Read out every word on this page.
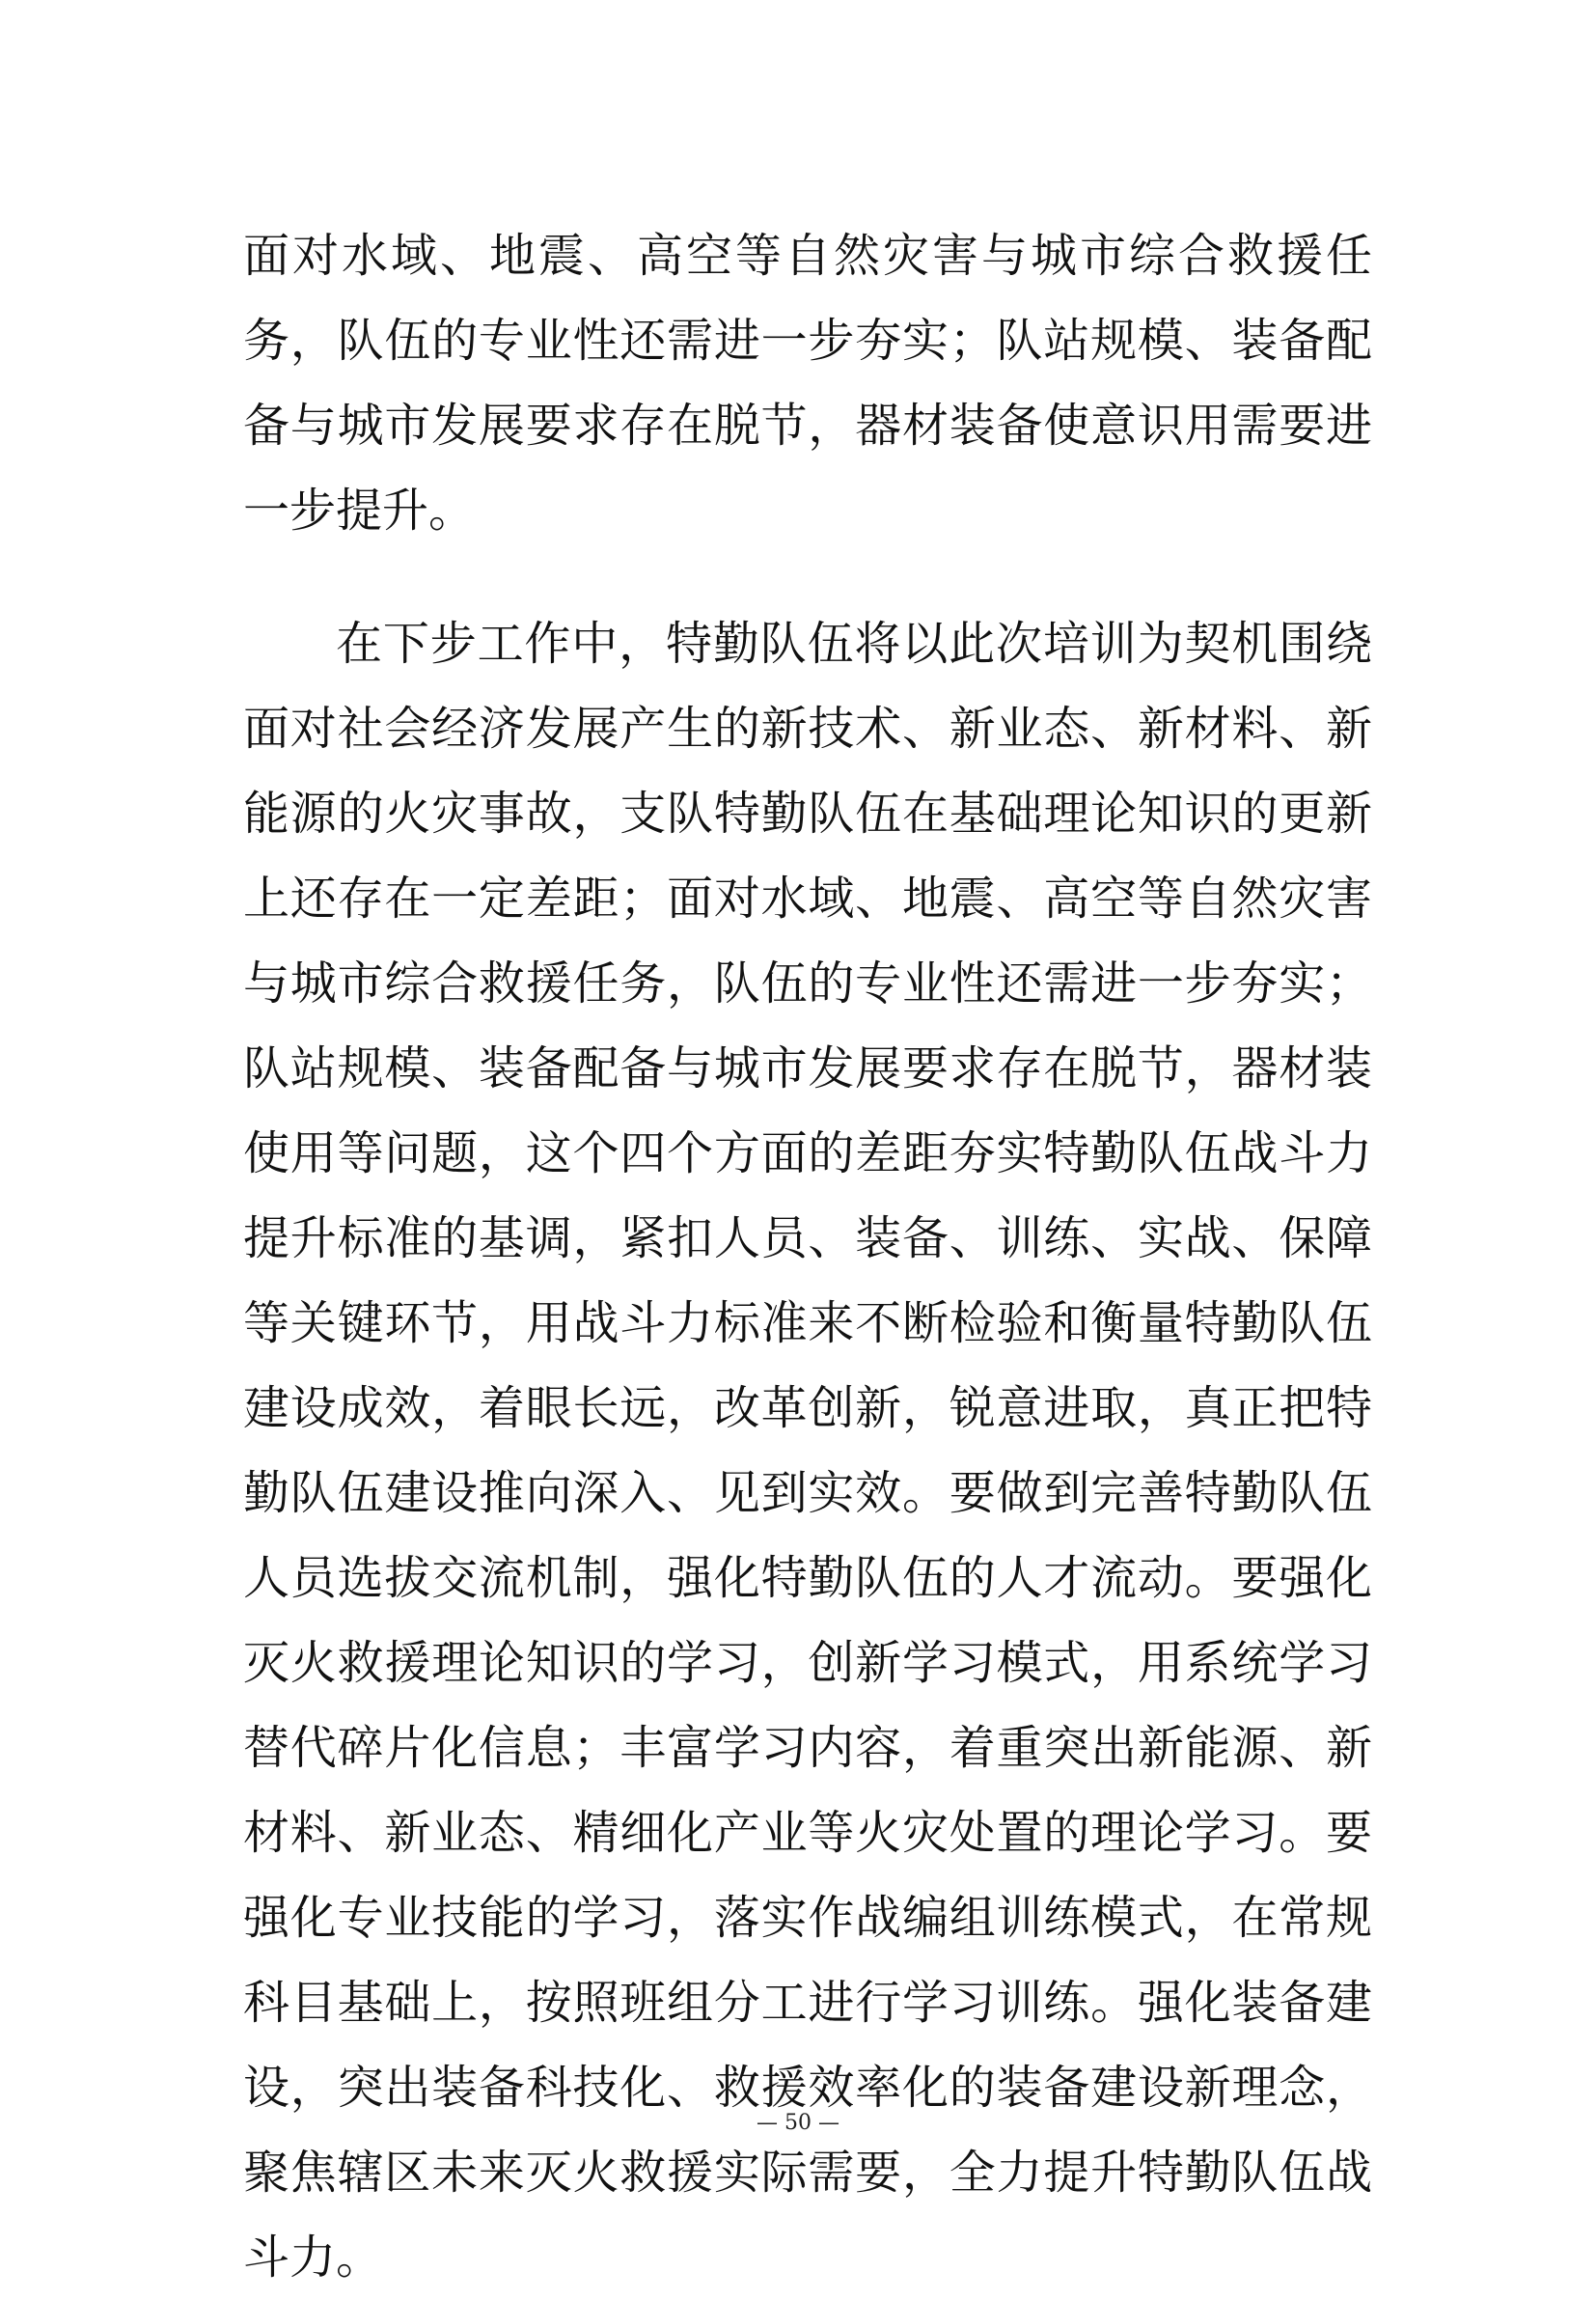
面对水域、地震、高空等自然灾害与城市综合救援任务，队伍的专业性还需进一步夯实；队站规模、装备配备与城市发展要求存在脱节，器材装备使意识用需要进一步提升。

在下步工作中，特勤队伍将以此次培训为契机围绕面对社会经济发展产生的新技术、新业态、新材料、新能源的火灾事故，支队特勤队伍在基础理论知识的更新上还存在一定差距；面对水域、地震、高空等自然灾害与城市综合救援任务，队伍的专业性还需进一步夯实；队站规模、装备配备与城市发展要求存在脱节，器材装使用等问题，这个四个方面的差距夯实特勤队伍战斗力提升标准的基调，紧扣人员、装备、训练、实战、保障等关键环节，用战斗力标准来不断检验和衡量特勤队伍建设成效，着眼长远，改革创新，锐意进取，真正把特勤队伍建设推向深入、见到实效。要做到完善特勤队伍人员选拔交流机制，强化特勤队伍的人才流动。要强化灭火救援理论知识的学习，创新学习模式，用系统学习替代碎片化信息；丰富学习内容，着重突出新能源、新材料、新业态、精细化产业等火灾处置的理论学习。要强化专业技能的学习，落实作战编组训练模式，在常规科目基础上，按照班组分工进行学习训练。强化装备建设，突出装备科技化、救援效率化的装备建设新理念，聚焦辖区未来灭火救援实际需要，全力提升特勤队伍战斗力。

— 50 —
